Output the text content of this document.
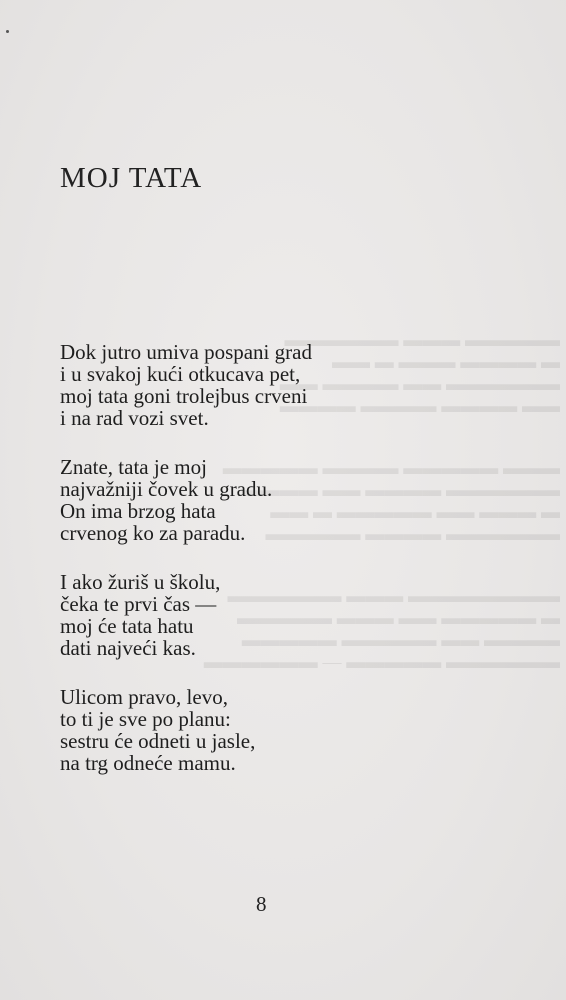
▬▬▬▬▬ ▬▬▬ ▬▬▬▬▬▬
▬ ▬▬▬▬ ▬▬▬ ▬ ▬▬
▬▬▬▬▬▬ ▬▬ ▬▬▬▬ ▬▬
▬▬ ▬▬▬▬ ▬▬▬▬ ▬▬▬▬
▬▬▬ ▬▬▬▬▬ ▬▬▬▬ ▬▬▬▬▬
▬▬▬▬▬▬ ▬▬▬▬ ▬▬ ▬▬▬▬
▬ ▬▬▬ ▬▬ ▬▬▬▬▬ ▬ ▬▬
▬▬▬▬▬▬ ▬▬▬▬ ▬▬▬▬▬
▬▬▬▬▬▬▬▬ ▬▬▬ ▬▬▬▬▬▬
▬ ▬▬▬▬▬ ▬▬ ▬▬▬ ▬▬▬▬▬
▬▬▬▬ ▬▬ ▬▬▬▬▬ ▬▬▬▬▬
▬▬▬▬▬▬ ▬▬▬▬▬ — ▬▬▬▬▬▬
MOJ TATA
Dok jutro umiva pospani grad
i u svakoj kući otkucava pet,
moj tata goni trolejbus crveni
i na rad vozi svet.
Znate, tata je moj
najvažniji čovek u gradu.
On ima brzog hata
crvenog ko za paradu.
I ako žuriš u školu,
čeka te prvi čas —
moj će tata hatu
dati najveći kas.
Ulicom pravo, levo,
to ti je sve po planu:
sestru će odneti u jasle,
na trg odneće mamu.
8
